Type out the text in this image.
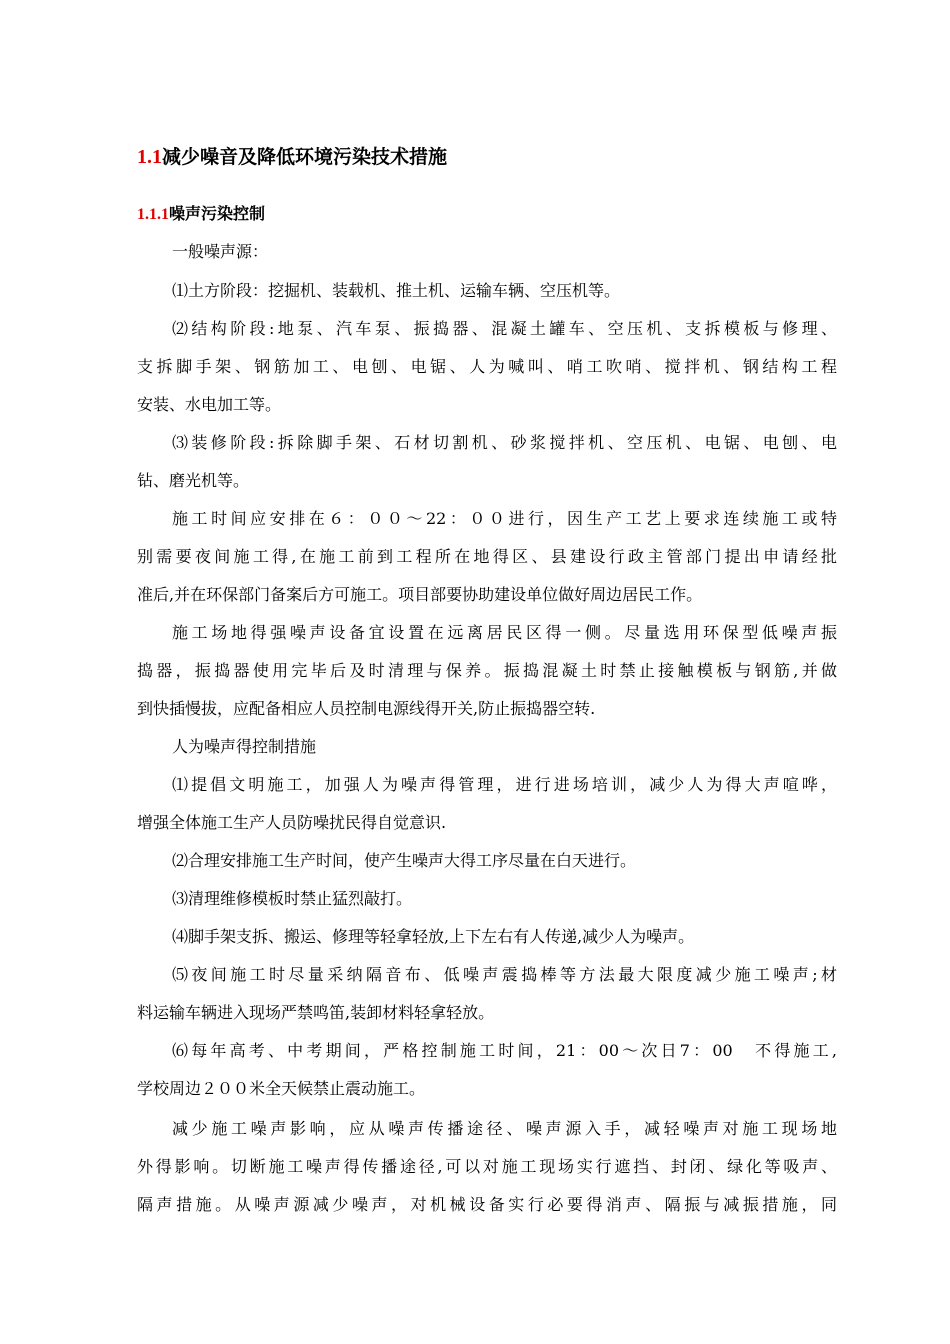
1.1减少噪音及降低环境污染技术措施
1.1.1噪声污染控制
一般噪声源：
⑴土方阶段：挖掘机、装载机、推土机、运输车辆、空压机等。
⑵结构阶段:地泵、汽车泵、振捣器、混凝土罐车、空压机、支拆模板与修理、
支拆脚手架、钢筋加工、电刨、电锯、人为喊叫、哨工吹哨、搅拌机、钢结构工程
安装、水电加工等。
⑶装修阶段:拆除脚手架、石材切割机、砂浆搅拌机、空压机、电锯、电刨、电
钻、磨光机等。
施工时间应安排在６：００～22：００进行，因生产工艺上要求连续施工或特
别需要夜间施工得,在施工前到工程所在地得区、县建设行政主管部门提出申请经批
准后,并在环保部门备案后方可施工。项目部要协助建设单位做好周边居民工作。
施工场地得强噪声设备宜设置在远离居民区得一侧。尽量选用环保型低噪声振
捣器，振捣器使用完毕后及时清理与保养。振捣混凝土时禁止接触模板与钢筋,并做
到快插慢拔，应配备相应人员控制电源线得开关,防止振捣器空转.
人为噪声得控制措施
⑴提倡文明施工，加强人为噪声得管理，进行进场培训，减少人为得大声喧哗，
增强全体施工生产人员防噪扰民得自觉意识.
⑵合理安排施工生产时间，使产生噪声大得工序尽量在白天进行。
⑶清理维修模板时禁止猛烈敲打。
⑷脚手架支拆、搬运、修理等轻拿轻放,上下左右有人传递,减少人为噪声。
⑸夜间施工时尽量采纳隔音布、低噪声震捣棒等方法最大限度减少施工噪声;材
料运输车辆进入现场严禁鸣笛,装卸材料轻拿轻放。
⑹每年高考、中考期间，严格控制施工时间，21：00～次日7：00　不得施工,
学校周边２００米全天候禁止震动施工。
减少施工噪声影响，应从噪声传播途径、噪声源入手，减轻噪声对施工现场地
外得影响。切断施工噪声得传播途径,可以对施工现场实行遮挡、封闭、绿化等吸声、
隔声措施。从噪声源减少噪声，对机械设备实行必要得消声、隔振与减振措施，同
